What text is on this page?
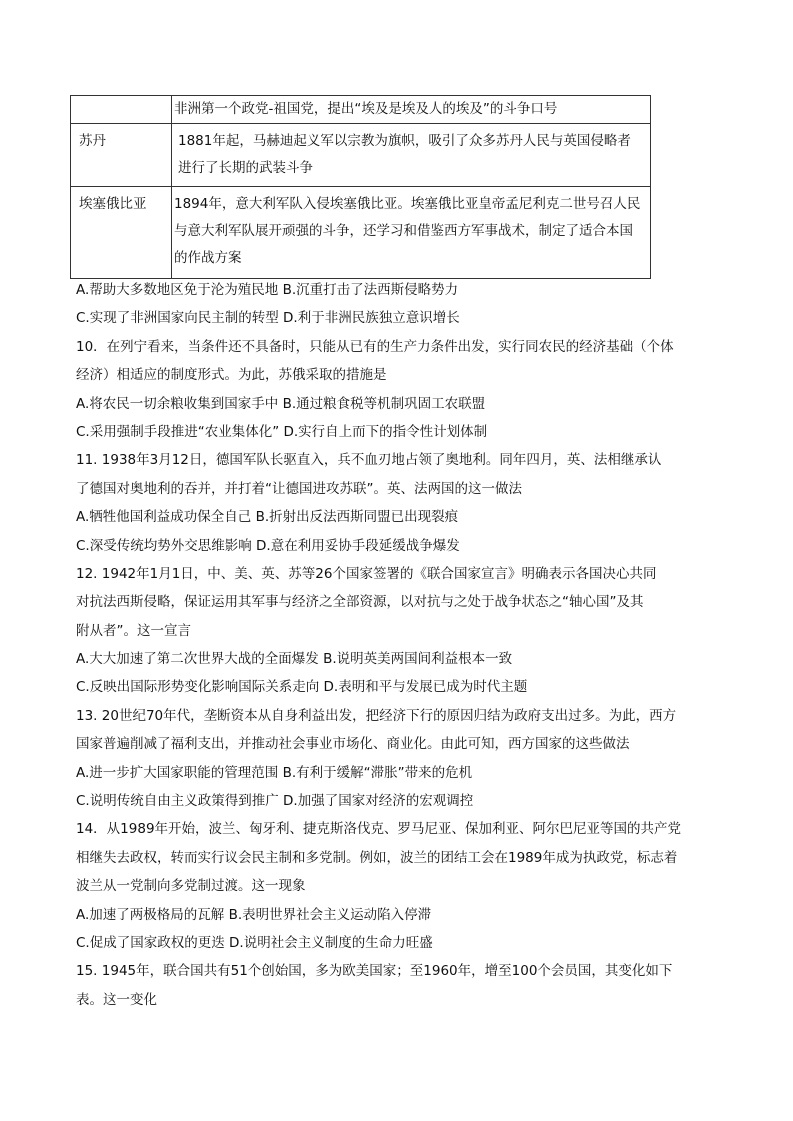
	非洲第一个政党-祖国党，提出“埃及是埃及人的埃及”的斗争口号

苏丹	1881年起，马赫迪起义军以宗教为旗帜，吸引了众多苏丹人民与英国侵略者
进行了长期的武装斗争

埃塞俄比亚	1894年，意大利军队入侵埃塞俄比亚。埃塞俄比亚皇帝孟尼利克二世号召人民
与意大利军队展开顽强的斗争，还学习和借鉴西方军事战术，制定了适合本国
的作战方案
A.帮助大多数地区免于沦为殖民地 B.沉重打击了法西斯侵略势力
C.实现了非洲国家向民主制的转型 D.利于非洲民族独立意识增长
10．在列宁看来，当条件还不具备时，只能从已有的生产力条件出发，实行同农民的经济基础（个体
经济）相适应的制度形式。为此，苏俄采取的措施是
A.将农民一切余粮收集到国家手中 B.通过粮食税等机制巩固工农联盟
C.采用强制手段推进“农业集体化” D.实行自上而下的指令性计划体制
11. 1938年3月12日，德国军队长驱直入，兵不血刃地占领了奥地利。同年四月，英、法相继承认
了德国对奥地利的吞并，并打着“让德国进攻苏联”。英、法两国的这一做法
A.牺牲他国利益成功保全自己 B.折射出反法西斯同盟已出现裂痕
C.深受传统均势外交思维影响 D.意在利用妥协手段延缓战争爆发
12. 1942年1月1日，中、美、英、苏等26个国家签署的《联合国家宣言》明确表示各国决心共同
对抗法西斯侵略，保证运用其军事与经济之全部资源，以对抗与之处于战争状态之“轴心国”及其
附从者”。这一宣言
A.大大加速了第二次世界大战的全面爆发 B.说明英美两国间利益根本一致
C.反映出国际形势变化影响国际关系走向 D.表明和平与发展已成为时代主题
13. 20世纪70年代，垄断资本从自身利益出发，把经济下行的原因归结为政府支出过多。为此，西方
国家普遍削减了福利支出，并推动社会事业市场化、商业化。由此可知，西方国家的这些做法
A.进一步扩大国家职能的管理范围 B.有利于缓解“滞胀”带来的危机
C.说明传统自由主义政策得到推广 D.加强了国家对经济的宏观调控
14．从1989年开始，波兰、匈牙利、捷克斯洛伐克、罗马尼亚、保加利亚、阿尔巴尼亚等国的共产党
相继失去政权，转而实行议会民主制和多党制。例如，波兰的团结工会在1989年成为执政党，标志着
波兰从一党制向多党制过渡。这一现象
A.加速了两极格局的瓦解 B.表明世界社会主义运动陷入停滞
C.促成了国家政权的更迭 D.说明社会主义制度的生命力旺盛
15. 1945年，联合国共有51个创始国，多为欧美国家；至1960年，增至100个会员国，其变化如下
表。这一变化
